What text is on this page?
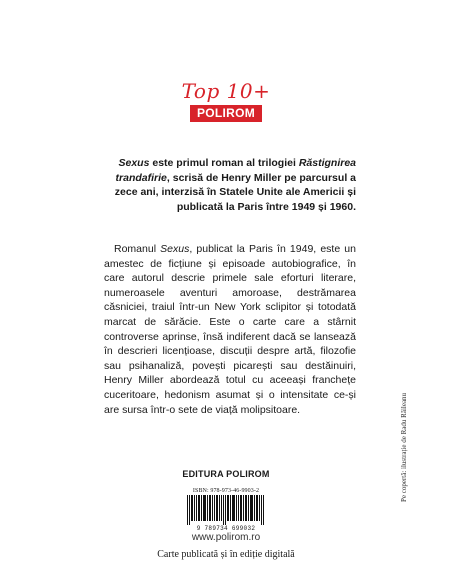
Top 10+
POLIROM
Sexus este primul roman al trilogiei Răstignirea trandafirie, scrisă de Henry Miller pe parcursul a zece ani, interzisă în Statele Unite ale Americii și publicată la Paris între 1949 și 1960.
Romanul Sexus, publicat la Paris în 1949, este un amestec de ficțiune și episoade autobiografice, în care autorul descrie primele sale eforturi literare, numeroasele aventuri amoroase, destrămarea căsniciei, traiul într-un New York sclipitor și totodată marcat de sărăcie. Este o carte care a stârnit controverse aprinse, însă indiferent dacă se lansează în descrieri licențioase, discuții despre artă, filozofie sau psihanaliză, povești picarești sau destăinuiri, Henry Miller abordează totul cu aceeași franchețe cuceritoare, hedonism asumat și o intensitate ce-și are sursa într-o sete de viață molipsitoare.	Pe copertă: ilustrație de Radu Răileanu
EDITURA POLIROM
ISBN: 978-973-46-9903-2
9 789734 699032
www.polirom.ro
Carte publicată și în ediție digitală
